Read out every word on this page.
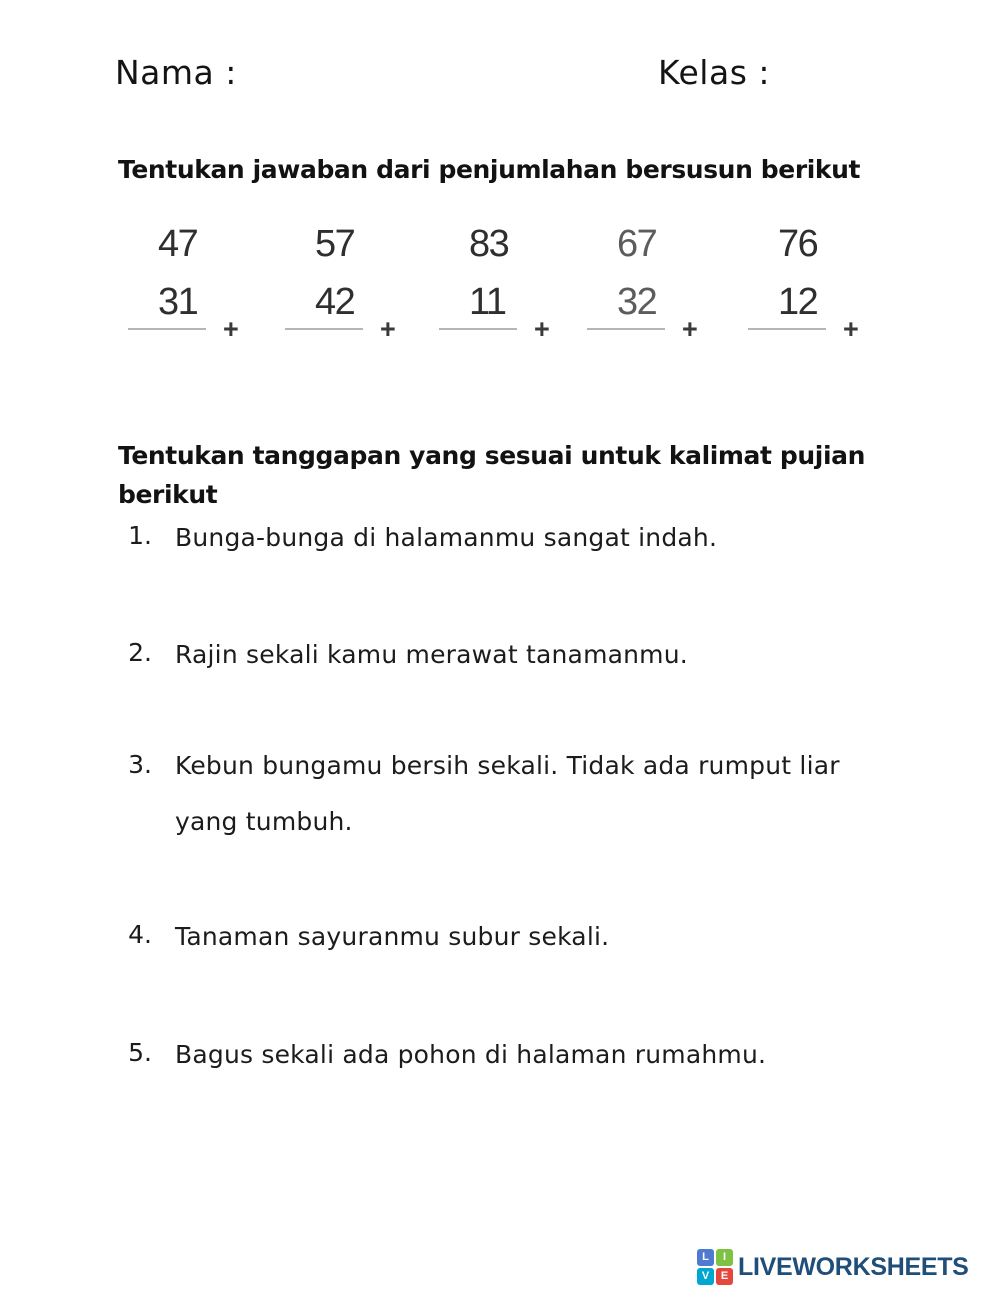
Nama :	Kelas :
Tentukan jawaban dari penjumlahan bersusun berikut
47
31
+
57
42
+
83
11
+
67
32
+
76
12
+
Tentukan tanggapan yang sesuai untuk kalimat pujian berikut
1. Bunga-bunga di halamanmu sangat indah.
2. Rajin sekali kamu merawat tanamanmu.
3. Kebun bungamu bersih sekali. Tidak ada rumput liar yang tumbuh.
4. Tanaman sayuranmu subur sekali.
5. Bagus sekali ada pohon di halaman rumahmu.
L	I
V	E LIVEWORKSHEETS
